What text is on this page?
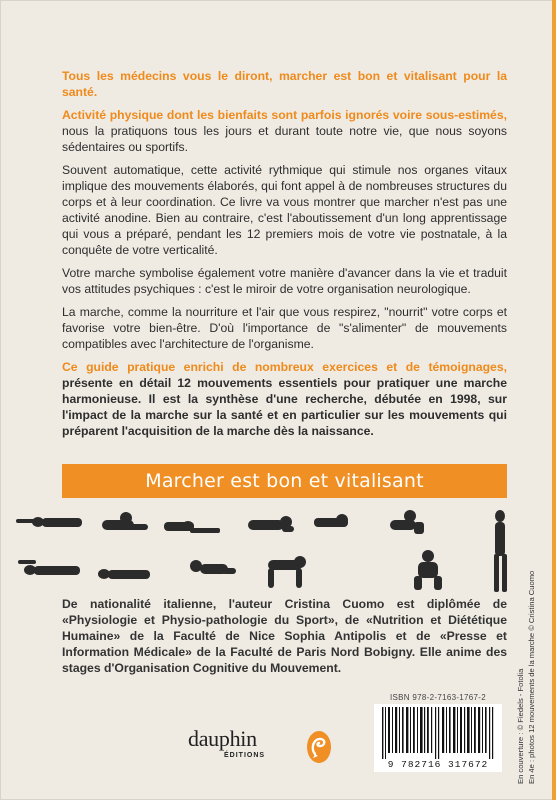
Tous les médecins vous le diront, marcher est bon et vitalisant pour la santé.

Activité physique dont les bienfaits sont parfois ignorés voire sous-estimés, nous la pratiquons tous les jours et durant toute notre vie, que nous soyons sédentaires ou sportifs.

Souvent automatique, cette activité rythmique qui stimule nos organes vitaux implique des mouvements élaborés, qui font appel à de nombreuses structures du corps et à leur coordination. Ce livre va vous montrer que marcher n'est pas une activité anodine. Bien au contraire, c'est l'aboutissement d'un long apprentissage qui vous a préparé, pendant les 12 premiers mois de votre vie postnatale, à la conquête de votre verticalité.

Votre marche symbolise également votre manière d'avancer dans la vie et traduit vos attitudes psychiques : c'est le miroir de votre organisation neurologique.

La marche, comme la nourriture et l'air que vous respirez, "nourrit" votre corps et favorise votre bien-être. D'où l'importance de "s'alimenter" de mouvements compatibles avec l'architecture de l'organisme.

Ce guide pratique enrichi de nombreux exercices et de témoignages, présente en détail 12 mouvements essentiels pour pratiquer une marche harmonieuse. Il est la synthèse d'une recherche, débutée en 1998, sur l'impact de la marche sur la santé et en particulier sur les mouvements qui préparent l'acquisition de la marche dès la naissance.

Marcher est bon et vitalisant
De nationalité italienne, l'auteur Cristina Cuomo est diplômée de «Physiologie et Physio-pathologie du Sport», de «Nutrition et Diététique Humaine» de la Faculté de Nice Sophia Antipolis et de «Presse et Information Médicale» de la Faculté de Paris Nord Bobigny. Elle anime des stages d'Organisation Cognitive du Mouvement.
dauphin
ÉDITIONS
ISBN 978-2-7163-1767-2
9 782716 317672	En couverture : © Fiedels - Fotolia En 4e : photos 12 mouvements de la marche © Cristina Cuomo
